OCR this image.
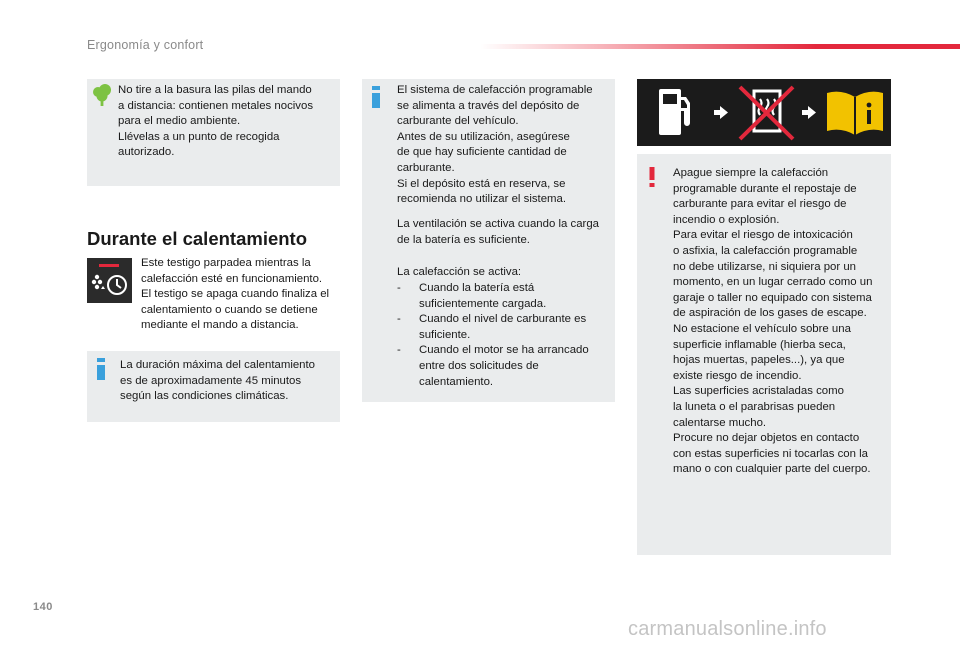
Ergonomía y confort
No tire a la basura las pilas del mando
a distancia: contienen metales nocivos
para el medio ambiente.
Llévelas a un punto de recogida
autorizado.
Durante el calentamiento
Este testigo parpadea mientras la
calefacción esté en funcionamiento.
El testigo se apaga cuando finaliza el
calentamiento o cuando se detiene
mediante el mando a distancia.
La duración máxima del calentamiento
es de aproximadamente 45 minutos
según las condiciones climáticas.
El sistema de calefacción programable
se alimenta a través del depósito de
carburante del vehículo.
Antes de su utilización, asegúrese
de que hay suficiente cantidad de
carburante.
Si el depósito está en reserva, se
recomienda no utilizar el sistema.
La ventilación se activa cuando la carga
de la batería es suficiente.
La calefacción se activa:
-	Cuando la batería está
suficientemente cargada.
-	Cuando el nivel de carburante es
suficiente.
-	Cuando el motor se ha arrancado
entre dos solicitudes de
calentamiento.
Apague siempre la calefacción
programable durante el repostaje de
carburante para evitar el riesgo de
incendio o explosión.
Para evitar el riesgo de intoxicación
o asfixia, la calefacción programable
no debe utilizarse, ni siquiera por un
momento, en un lugar cerrado como un
garaje o taller no equipado con sistema
de aspiración de los gases de escape.
No estacione el vehículo sobre una
superficie inflamable (hierba seca,
hojas muertas, papeles...), ya que
existe riesgo de incendio.
Las superficies acristaladas como
la luneta o el parabrisas pueden
calentarse mucho.
Procure no dejar objetos en contacto
con estas superficies ni tocarlas con la
mano o con cualquier parte del cuerpo.
140
carmanualsonline.info
